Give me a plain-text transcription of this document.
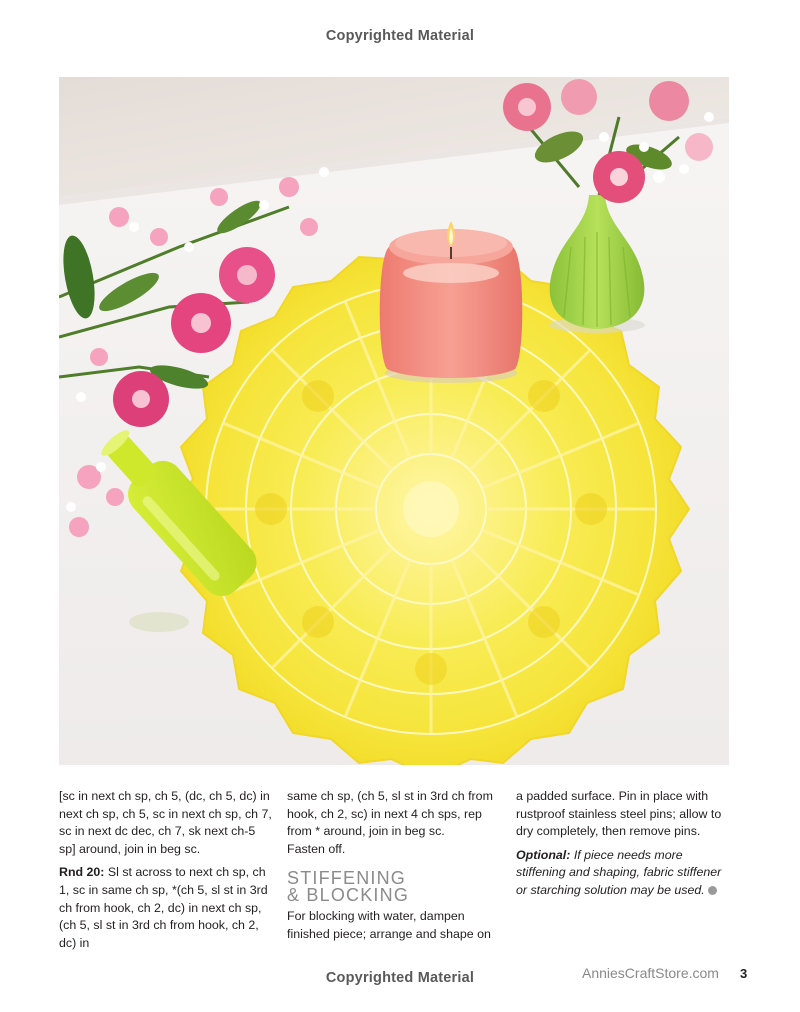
Copyrighted Material

[sc in next ch sp, ch 5, (dc, ch 5, dc) in next ch sp, ch 5, sc in next ch sp, ch 7, sc in next dc dec, ch 7, sk next ch-5 sp] around, join in beg sc.

Rnd 20: Sl st across to next ch sp, ch 1, sc in same ch sp, *(ch 5, sl st in 3rd ch from hook, ch 2, dc) in next ch sp, (ch 5, sl st in 3rd ch from hook, ch 2, dc) in

same ch sp, (ch 5, sl st in 3rd ch from hook, ch 2, sc) in next 4 ch sps, rep from * around, join in beg sc.

Fasten off.

STIFFENING
& BLOCKING

For blocking with water, dampen finished piece; arrange and shape on

a padded surface. Pin in place with rustproof stainless steel pins; allow to dry completely, then remove pins.

Optional: If piece needs more stiffening and shaping, fabric stiffener or starching solution may be used.

Copyrighted Material	AnniesCraftStore.com 3
